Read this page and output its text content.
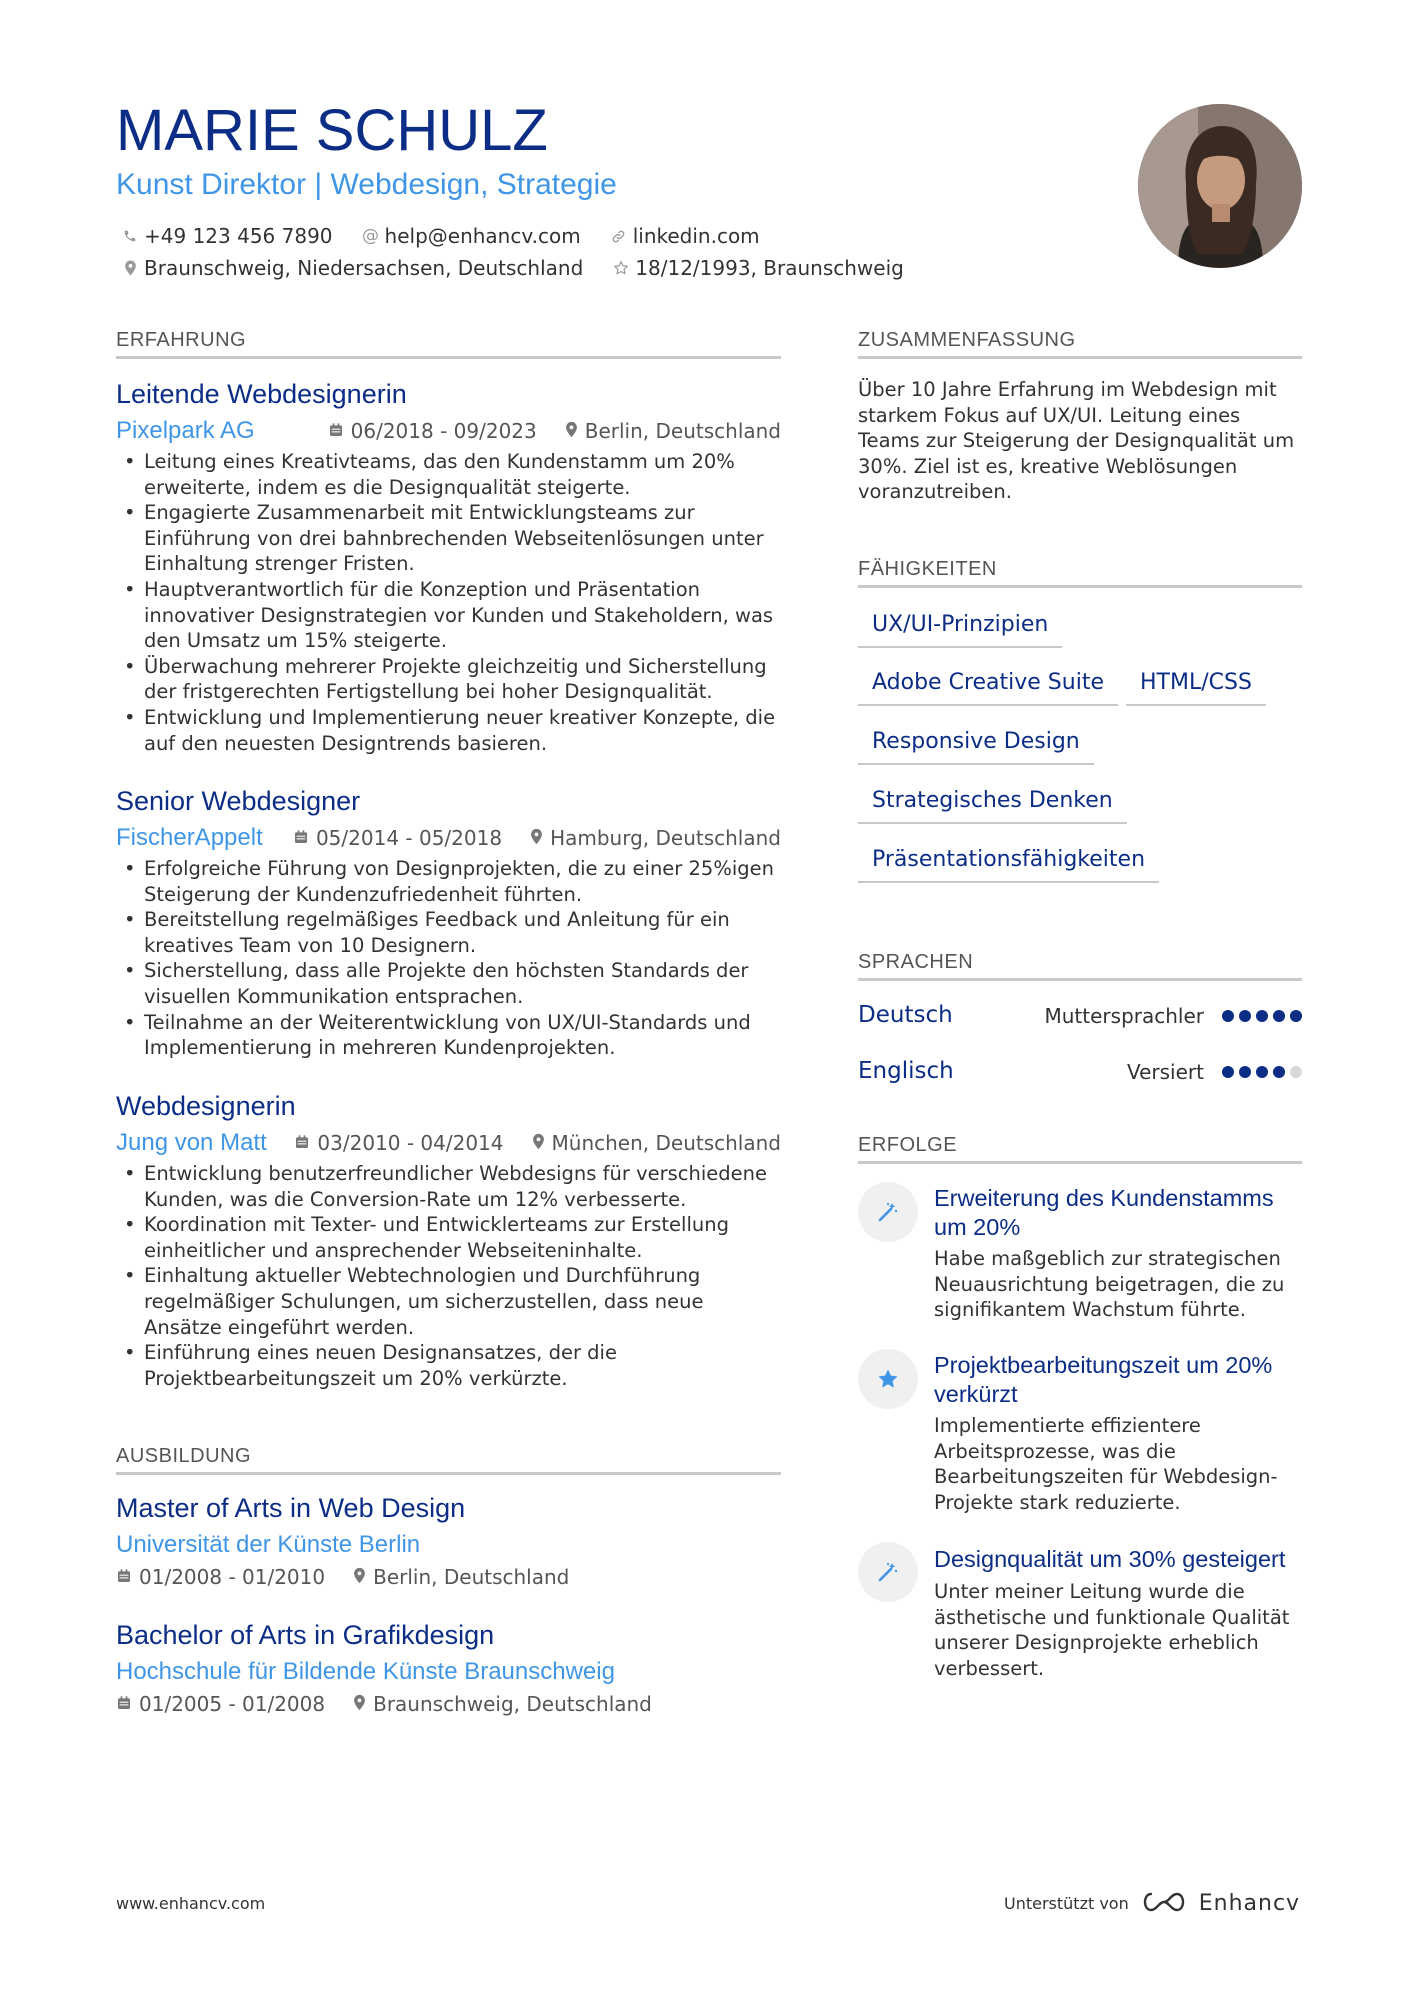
MARIE SCHULZ
Kunst Direktor | Webdesign, Strategie
+49 123 456 7890 @ help@enhancv.com	linkedin.com
Braunschweig, Niedersachsen, Deutschland	18/12/1993, Braunschweig
ERFAHRUNG
Leitende Webdesignerin
Pixelpark AG	06/2018 - 09/2023 Berlin, Deutschland
• Leitung eines Kreativteams, das den Kundenstamm um 20% erweiterte, indem es die Designqualität steigerte.
• Engagierte Zusammenarbeit mit Entwicklungsteams zur Einführung von drei bahnbrechenden Webseitenlösungen unter Einhaltung strenger Fristen.
• Hauptverantwortlich für die Konzeption und Präsentation innovativer Designstrategien vor Kunden und Stakeholdern, was den Umsatz um 15% steigerte.
• Überwachung mehrerer Projekte gleichzeitig und Sicherstellung der fristgerechten Fertigstellung bei hoher Designqualität.
• Entwicklung und Implementierung neuer kreativer Konzepte, die auf den neuesten Designtrends basieren.
Senior Webdesigner
FischerAppelt	05/2014 - 05/2018 Hamburg, Deutschland
• Erfolgreiche Führung von Designprojekten, die zu einer 25%igen Steigerung der Kundenzufriedenheit führten.
• Bereitstellung regelmäßiges Feedback und Anleitung für ein kreatives Team von 10 Designern.
• Sicherstellung, dass alle Projekte den höchsten Standards der visuellen Kommunikation entsprachen.
• Teilnahme an der Weiterentwicklung von UX/UI-Standards und Implementierung in mehreren Kundenprojekten.
Webdesignerin
Jung von Matt	03/2010 - 04/2014 München, Deutschland
• Entwicklung benutzerfreundlicher Webdesigns für verschiedene Kunden, was die Conversion-Rate um 12% verbesserte.
• Koordination mit Texter- und Entwicklerteams zur Erstellung einheitlicher und ansprechender Webseiteninhalte.
• Einhaltung aktueller Webtechnologien und Durchführung regelmäßiger Schulungen, um sicherzustellen, dass neue Ansätze eingeführt werden.
• Einführung eines neuen Designansatzes, der die Projektbearbeitungszeit um 20% verkürzte.
AUSBILDUNG
Master of Arts in Web Design
Universität der Künste Berlin
01/2008 - 01/2010 Berlin, Deutschland
Bachelor of Arts in Grafikdesign
Hochschule für Bildende Künste Braunschweig
01/2005 - 01/2008 Braunschweig, Deutschland
ZUSAMMENFASSUNG
Über 10 Jahre Erfahrung im Webdesign mit starkem Fokus auf UX/UI. Leitung eines Teams zur Steigerung der Designqualität um 30%. Ziel ist es, kreative Weblösungen voranzutreiben.
FÄHIGKEITEN
UX/UI-Prinzipien
Adobe Creative Suite	HTML/CSS
Responsive Design
Strategisches Denken
Präsentationsfähigkeiten
SPRACHEN
Deutsch	Muttersprachler
Englisch	Versiert
ERFOLGE
Erweiterung des Kundenstamms um 20%
Habe maßgeblich zur strategischen Neuausrichtung beigetragen, die zu signifikantem Wachstum führte.
Projektbearbeitungszeit um 20% verkürzt
Implementierte effizientere Arbeitsprozesse, was die Bearbeitungszeiten für Webdesign-Projekte stark reduzierte.
Designqualität um 30% gesteigert
Unter meiner Leitung wurde die ästhetische und funktionale Qualität unserer Designprojekte erheblich verbessert.
www.enhancv.com	Unterstützt von	Enhancv
